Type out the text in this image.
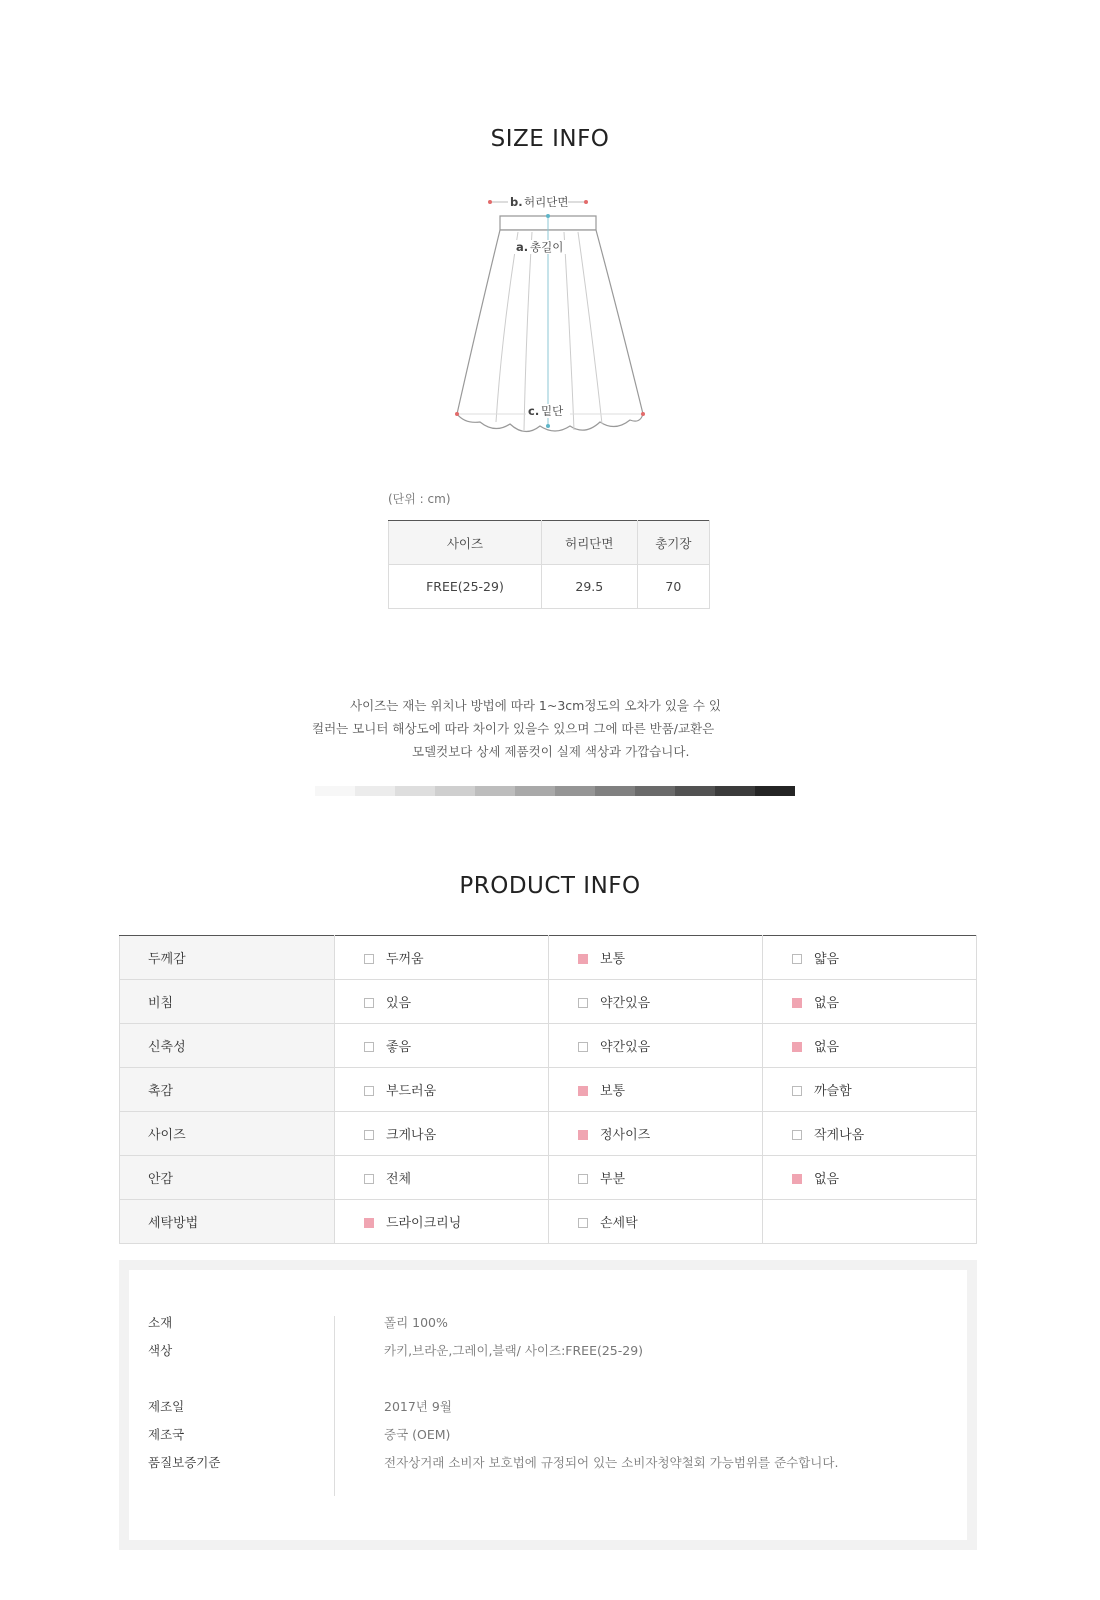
SIZE INFO
b. 허리단면
a. 총길이
c. 밑단
(단위 : cm)
사이즈	허리단면	총기장
FREE(25-29)	29.5	70
사이즈는 재는 위치나 방법에 따라 1~3cm정도의 오차가 있을 수 있
컬러는 모니터 해상도에 따라 차이가 있을수 있으며 그에 따른 반품/교환은
모델컷보다 상세 제품컷이 실제 색상과 가깝습니다.
PRODUCT INFO
두께감	두꺼움	보통	얇음
비침	있음	약간있음	없음
신축성	좋음	약간있음	없음
촉감	부드러움	보통	까슬함
사이즈	크게나옴	정사이즈	작게나옴
안감	전체	부분	없음
세탁방법	드라이크리닝	손세탁	
소재	폴리 100%
색상	카키,브라운,그레이,블랙/ 사이즈:FREE(25-29)
제조일	2017년 9월
제조국	중국 (OEM)
품질보증기준	전자상거래 소비자 보호법에 규정되어 있는 소비자청약철회 가능범위를 준수합니다.
